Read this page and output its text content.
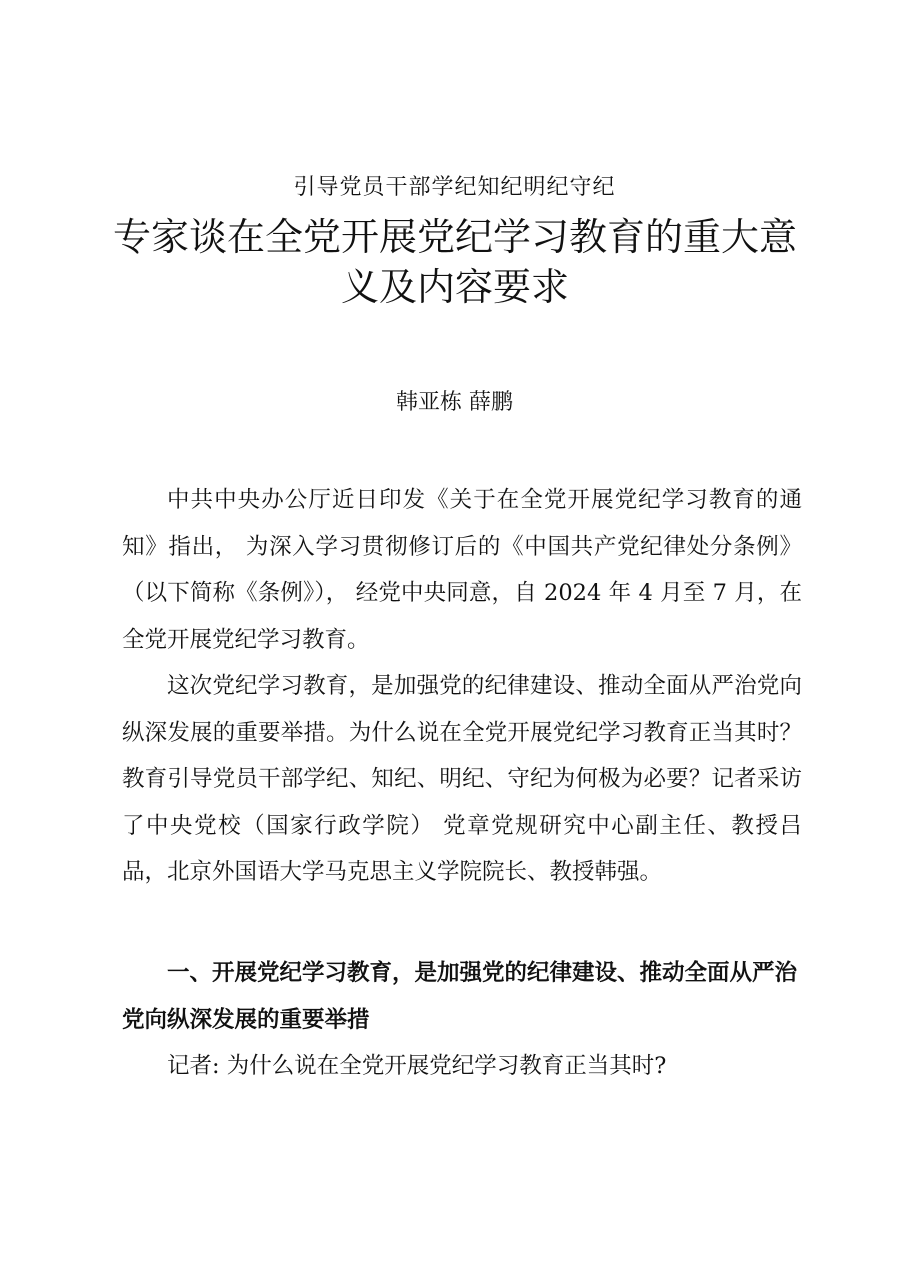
引导党员干部学纪知纪明纪守纪
专家谈在全党开展党纪学习教育的重大意义及内容要求
韩亚栋 薛鹏

中共中央办公厅近日印发《关于在全党开展党纪学习教育的通知》指出， 为深入学习贯彻修订后的《中国共产党纪律处分条例》（以下简称《条例》）， 经党中央同意，自 2024 年 4 月至 7 月，在全党开展党纪学习教育。

这次党纪学习教育，是加强党的纪律建设、推动全面从严治党向纵深发展的重要举措。为什么说在全党开展党纪学习教育正当其时？教育引导党员干部学纪、知纪、明纪、守纪为何极为必要？记者采访了中央党校（国家行政学院） 党章党规研究中心副主任、教授吕品，北京外国语大学马克思主义学院院长、教授韩强。

一、开展党纪学习教育，是加强党的纪律建设、推动全面从严治党向纵深发展的重要举措

记者: 为什么说在全党开展党纪学习教育正当其时?
